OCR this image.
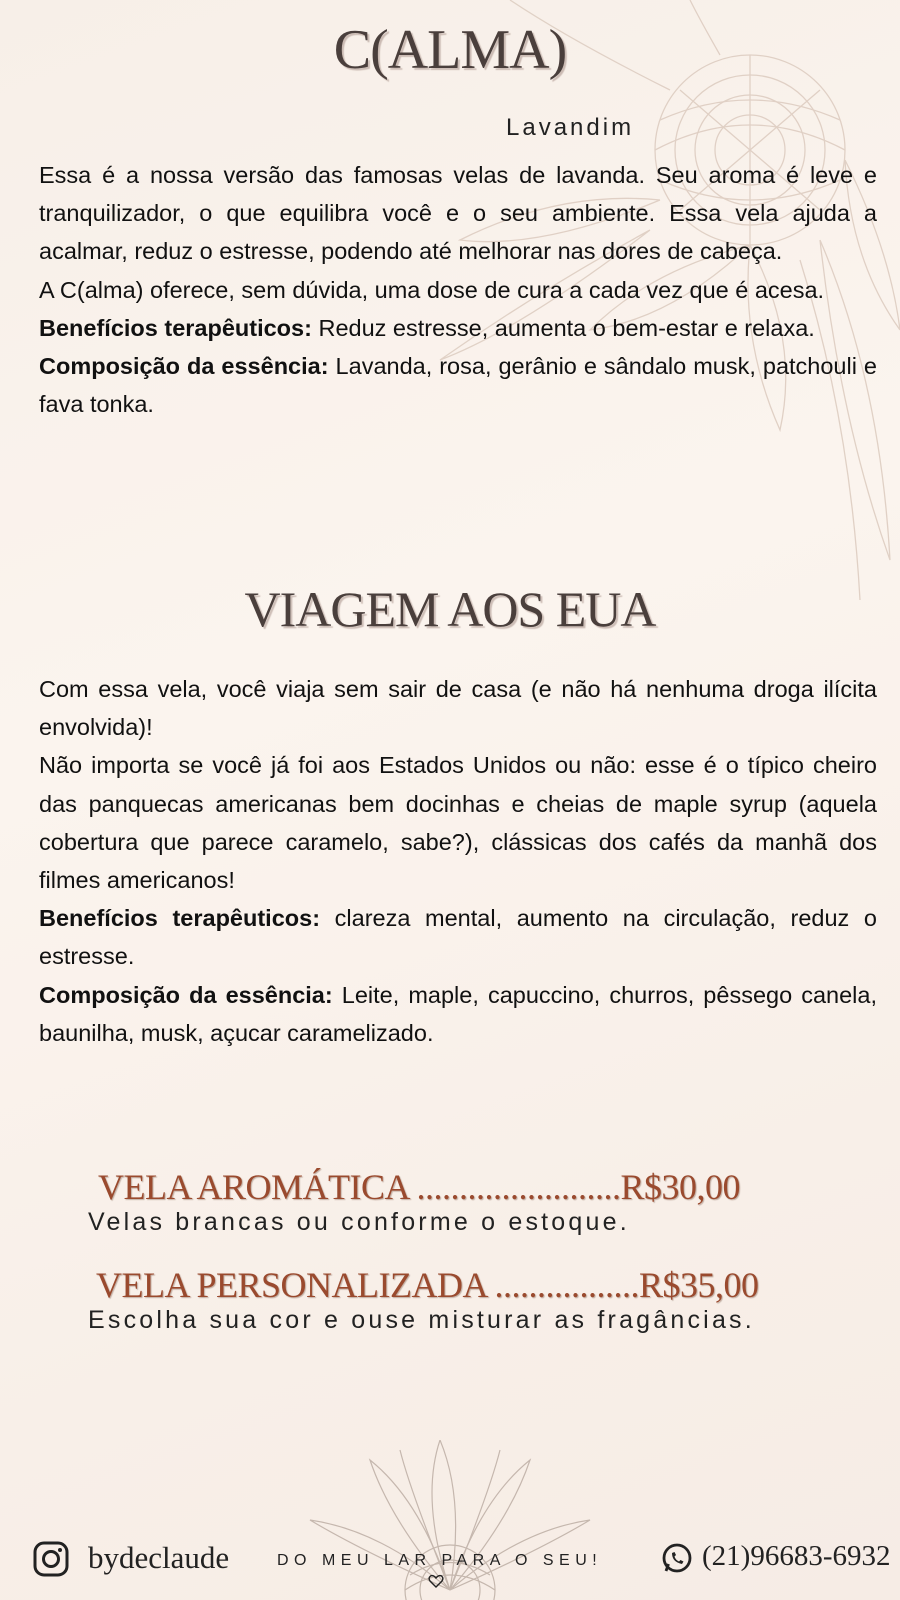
C(ALMA)
Lavandim

Essa é a nossa versão das famosas velas de lavanda. Seu aroma é leve e tranquilizador, o que equilibra você e o seu ambiente. Essa vela ajuda a acalmar, reduz o estresse, podendo até melhorar nas dores de cabeça.

A C(alma) oferece, sem dúvida, uma dose de cura a cada vez que é acesa.

Benefícios terapêuticos: Reduz estresse, aumenta o bem-estar e relaxa.

Composição da essência: Lavanda, rosa, gerânio e sândalo musk, patchouli e fava tonka.

VIAGEM AOS EUA

Com essa vela, você viaja sem sair de casa (e não há nenhuma droga ilícita envolvida)!

Não importa se você já foi aos Estados Unidos ou não: esse é o típico cheiro das panquecas americanas bem docinhas e cheias de maple syrup (aquela cobertura que parece caramelo, sabe?), clássicas dos cafés da manhã dos filmes americanos!

Benefícios terapêuticos: clareza mental, aumento na circulação, reduz o estresse.

Composição da essência: Leite, maple, capuccino, churros, pêssego canela, baunilha, musk, açucar caramelizado.

VELA AROMÁTICA ........................R$30,00
Velas brancas ou conforme o estoque.
VELA PERSONALIZADA .................R$35,00
Escolha sua cor e ouse misturar as fragâncias.
bydeclaude	DO MEU LAR PARA O SEU!	(21)96683-6932
